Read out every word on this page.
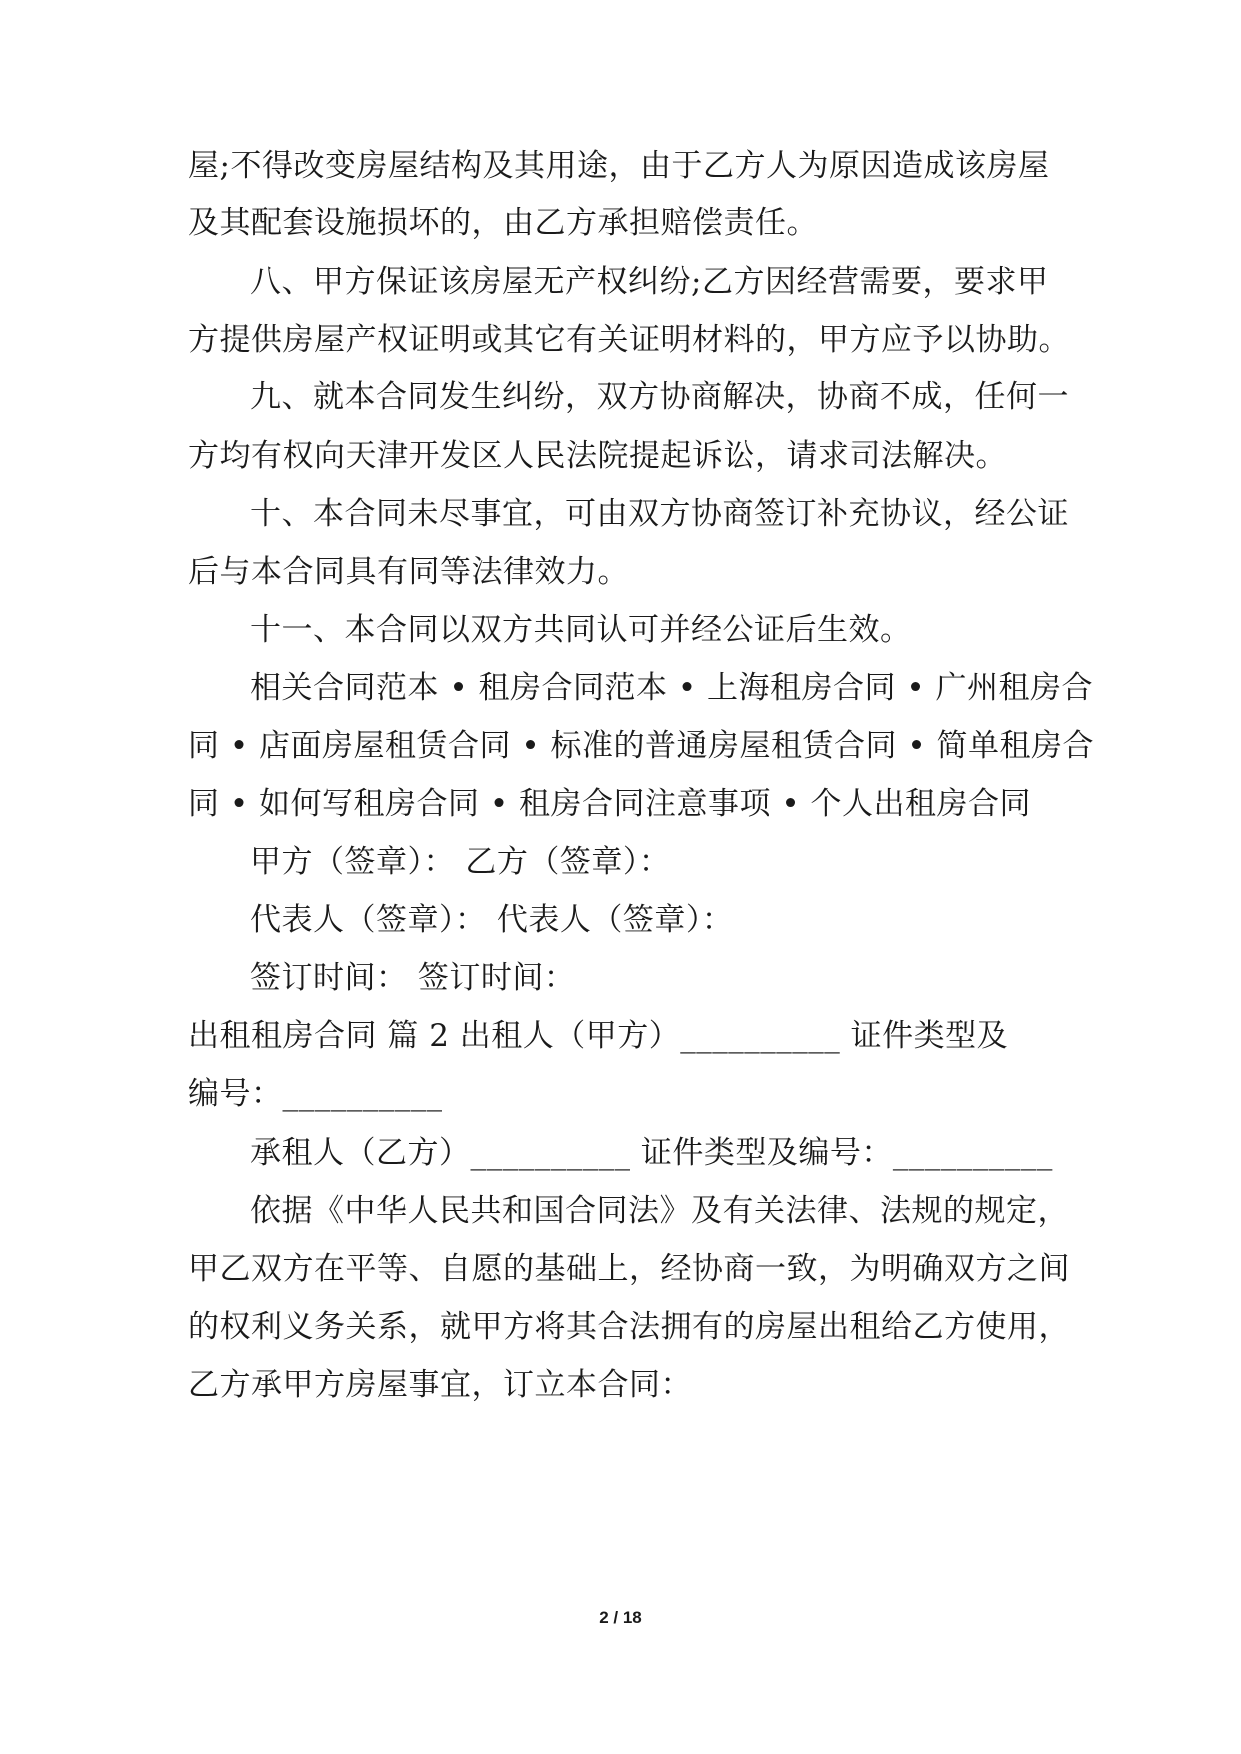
屋;不得改变房屋结构及其用途，由于乙方人为原因造成该房屋
及其配套设施损坏的，由乙方承担赔偿责任。
八、甲方保证该房屋无产权纠纷;乙方因经营需要，要求甲
方提供房屋产权证明或其它有关证明材料的，甲方应予以协助。
九、就本合同发生纠纷，双方协商解决，协商不成，任何一
方均有权向天津开发区人民法院提起诉讼，请求司法解决。
十、本合同未尽事宜，可由双方协商签订补充协议，经公证
后与本合同具有同等法律效力。
十一、本合同以双方共同认可并经公证后生效。
相关合同范本 • 租房合同范本 • 上海租房合同 • 广州租房合
同 • 店面房屋租赁合同 • 标准的普通房屋租赁合同 • 简单租房合
同 • 如何写租房合同 • 租房合同注意事项 • 个人出租房合同
甲方（签章）： 乙方（签章）：
代表人（签章）： 代表人（签章）：
签订时间： 签订时间：
出租租房合同 篇 2 出租人（甲方）__________ 证件类型及
编号：__________
承租人（乙方）__________ 证件类型及编号：__________
依据《中华人民共和国合同法》及有关法律、法规的规定，
甲乙双方在平等、自愿的基础上，经协商一致，为明确双方之间
的权利义务关系，就甲方将其合法拥有的房屋出租给乙方使用，
乙方承甲方房屋事宜，订立本合同：
2 / 18
